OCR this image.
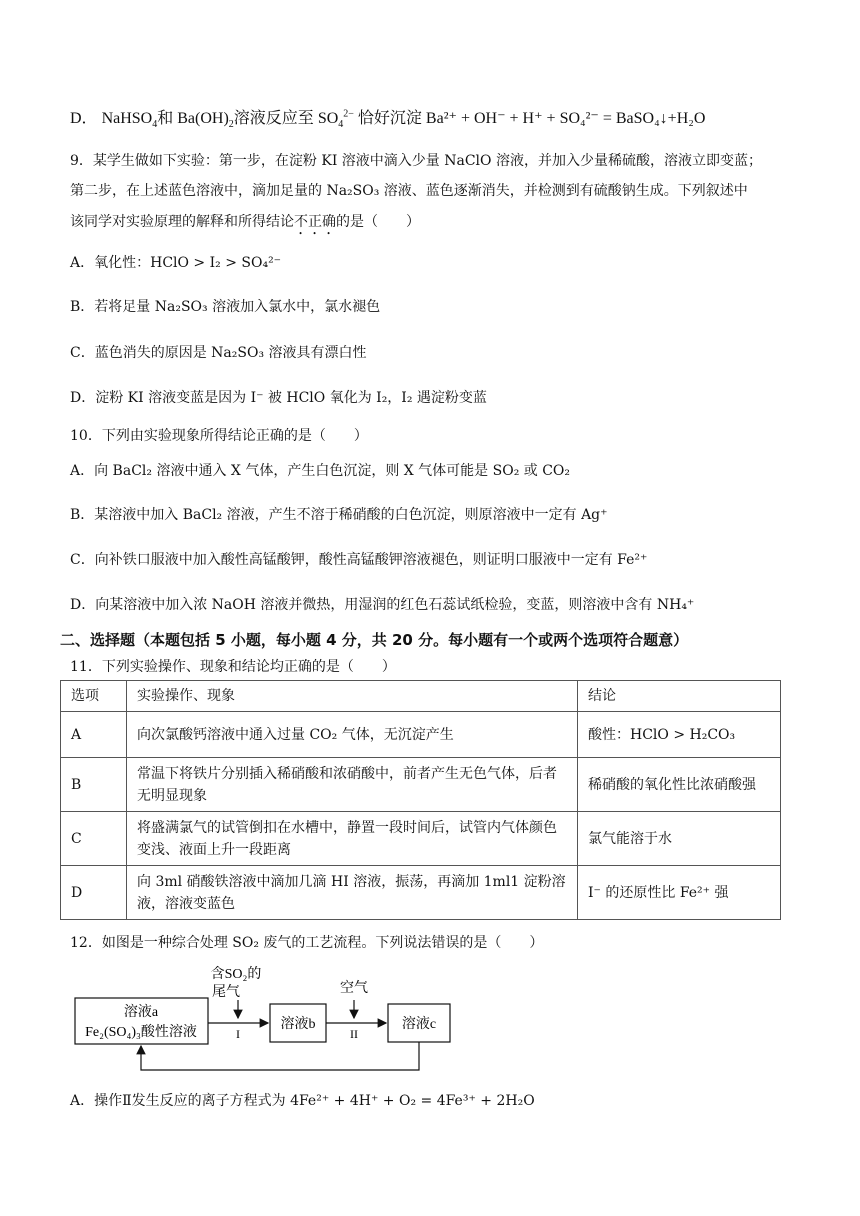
D． NaHSO$_4$和 $Ba(OH)_2$溶液反应至 $SO_4^{2-}$ 恰好沉淀 Ba²⁺ + OH⁻ + H⁺ + SO₄²⁻ = BaSO₄↓+H₂O
9．某学生做如下实验：第一步，在淀粉 KI 溶液中滴入少量 NaClO 溶液，并加入少量稀硫酸，溶液立即变蓝；
第二步，在上述蓝色溶液中，滴加足量的 Na₂SO₃ 溶液、蓝色逐渐消失，并检测到有硫酸钠生成。下列叙述中
该同学对实验原理的解释和所得结论不正确的是（　　）
A．氧化性：HClO > I₂ > SO₄²⁻
B．若将足量 Na₂SO₃ 溶液加入氯水中，氯水褪色
C．蓝色消失的原因是 Na₂SO₃ 溶液具有漂白性
D．淀粉 KI 溶液变蓝是因为 I⁻ 被 HClO 氧化为 I₂，I₂ 遇淀粉变蓝
10．下列由实验现象所得结论正确的是（　　）
A．向 BaCl₂ 溶液中通入 X 气体，产生白色沉淀，则 X 气体可能是 SO₂ 或 CO₂
B．某溶液中加入 BaCl₂ 溶液，产生不溶于稀硝酸的白色沉淀，则原溶液中一定有 Ag⁺
C．向补铁口服液中加入酸性高锰酸钾，酸性高锰酸钾溶液褪色，则证明口服液中一定有 Fe²⁺
D．向某溶液中加入浓 NaOH 溶液并微热，用湿润的红色石蕊试纸检验，变蓝，则溶液中含有 NH₄⁺
二、选择题（本题包括 5 小题，每小题 4 分，共 20 分。每小题有一个或两个选项符合题意）
11．下列实验操作、现象和结论均正确的是（　　）
选项	实验操作、现象	结论
A	向次氯酸钙溶液中通入过量 CO₂ 气体，无沉淀产生	酸性：HClO > H₂CO₃
B	常温下将铁片分别插入稀硝酸和浓硝酸中，前者产生无色气体，后者无明显现象	稀硝酸的氧化性比浓硝酸强
C	将盛满氯气的试管倒扣在水槽中，静置一段时间后，试管内气体颜色变浅、液面上升一段距离	氯气能溶于水
D	向 3ml 硝酸铁溶液中滴加几滴 HI 溶液，振荡，再滴加 1ml1 淀粉溶液，溶液变蓝色	I⁻ 的还原性比 Fe²⁺ 强
12．如图是一种综合处理 SO₂ 废气的工艺流程。下列说法错误的是（　　）
溶液a
Fe₂(SO₄)₃酸性溶液
含SO₂的
尾气
I
溶液b
空气
II
溶液c
A．操作Ⅱ发生反应的离子方程式为 4Fe²⁺ + 4H⁺ + O₂ = 4Fe³⁺ + 2H₂O
